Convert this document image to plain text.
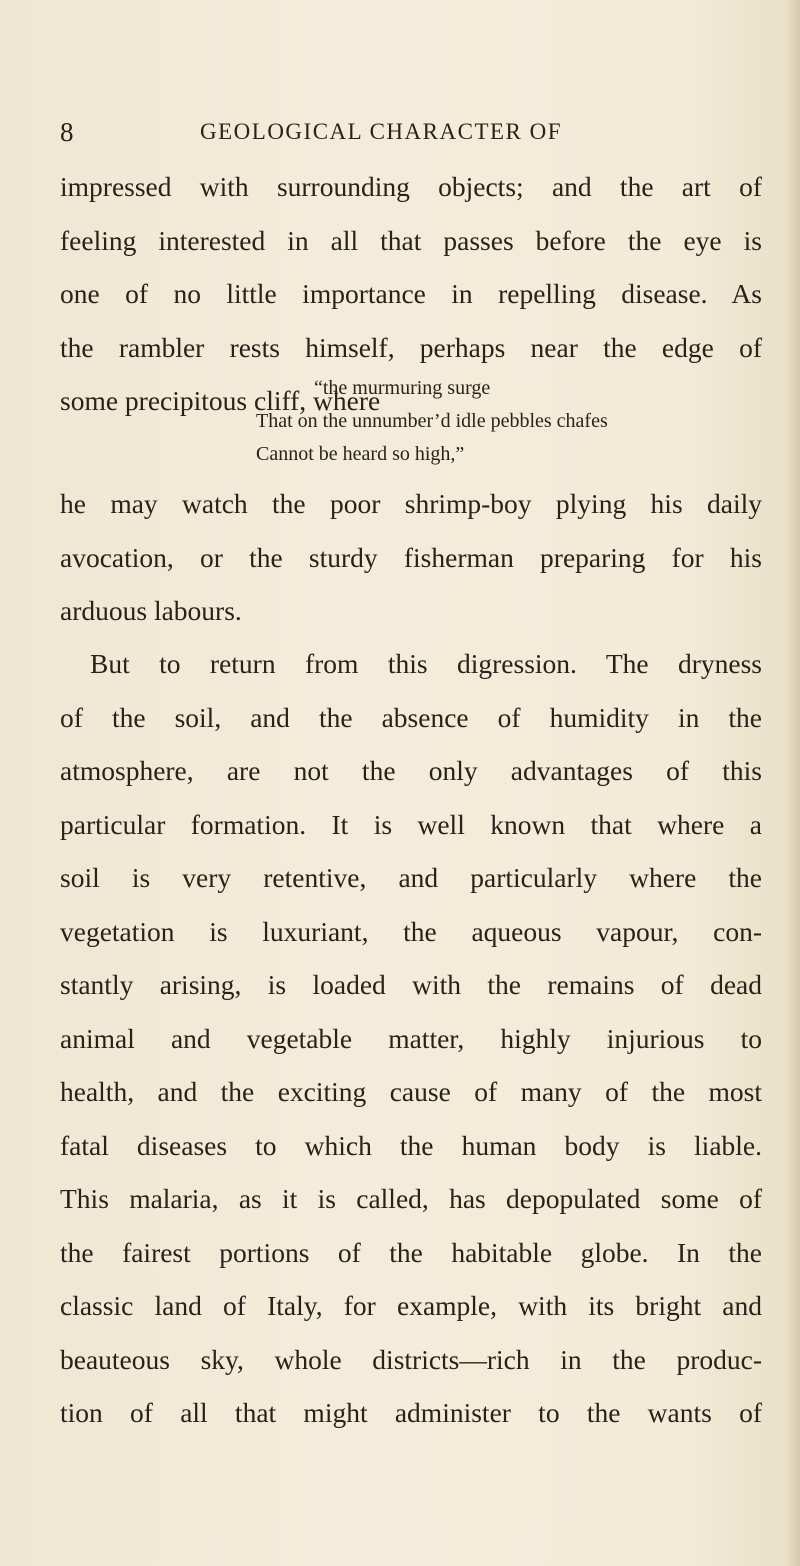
8	GEOLOGICAL CHARACTER OF
impressed with surrounding objects; and the art of
feeling interested in all that passes before the eye is
one of no little importance in repelling disease. As
the rambler rests himself, perhaps near the edge of
some precipitous cliff, where
“the murmuring surge
That on the unnumber’d idle pebbles chafes
Cannot be heard so high,”
he may watch the poor shrimp-boy plying his daily
avocation, or the sturdy fisherman preparing for his
arduous labours.
But to return from this digression. The dryness
of the soil, and the absence of humidity in the
atmosphere, are not the only advantages of this
particular formation. It is well known that where a
soil is very retentive, and particularly where the
vegetation is luxuriant, the aqueous vapour, con-
stantly arising, is loaded with the remains of dead
animal and vegetable matter, highly injurious to
health, and the exciting cause of many of the most
fatal diseases to which the human body is liable.
This malaria, as it is called, has depopulated some of
the fairest portions of the habitable globe. In the
classic land of Italy, for example, with its bright and
beauteous sky, whole districts—rich in the produc-
tion of all that might administer to the wants of
